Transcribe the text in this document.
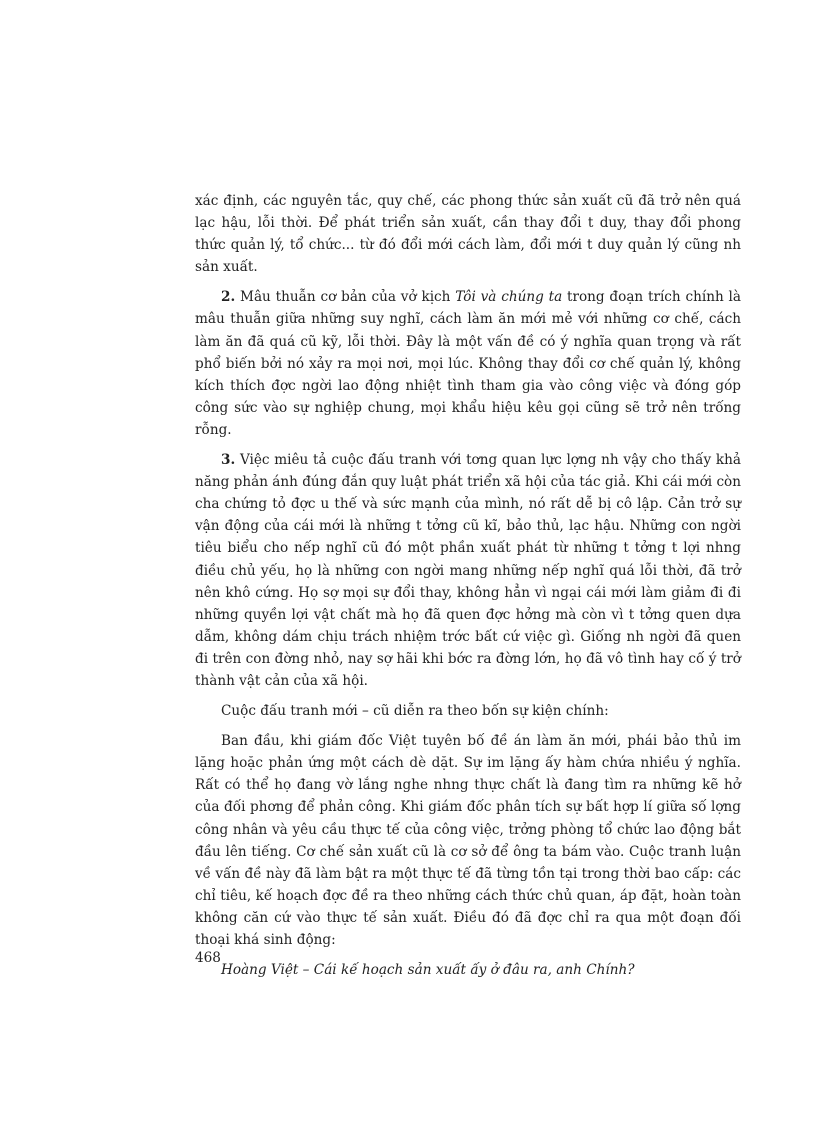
xác định, các nguyên tắc, quy chế, các phong thức sản xuất cũ đã trở nên quá lạc hậu, lỗi thời. Để phát triển sản xuất, cần thay đổi t duy, thay đổi phong thức quản lý, tổ chức... từ đó đổi mới cách làm, đổi mới t duy quản lý cũng nh sản xuất.

2. Mâu thuẫn cơ bản của vở kịch Tôi và chúng ta trong đoạn trích chính là mâu thuẫn giữa những suy nghĩ, cách làm ăn mới mẻ với những cơ chế, cách làm ăn đã quá cũ kỹ, lỗi thời. Đây là một vấn đề có ý nghĩa quan trọng và rất phổ biến bởi nó xảy ra mọi nơi, mọi lúc. Không thay đổi cơ chế quản lý, không kích thích đợc ngời lao động nhiệt tình tham gia vào công việc và đóng góp công sức vào sự nghiệp chung, mọi khẩu hiệu kêu gọi cũng sẽ trở nên trống rỗng.

3. Việc miêu tả cuộc đấu tranh với tơng quan lực lợng nh vậy cho thấy khả năng phản ánh đúng đắn quy luật phát triển xã hội của tác giả. Khi cái mới còn cha chứng tỏ đợc u thế và sức mạnh của mình, nó rất dễ bị cô lập. Cản trở sự vận động của cái mới là những t tởng cũ kĩ, bảo thủ, lạc hậu. Những con ngời tiêu biểu cho nếp nghĩ cũ đó một phần xuất phát từ những t tởng t lợi nhng điều chủ yếu, họ là những con ngời mang những nếp nghĩ quá lỗi thời, đã trở nên khô cứng. Họ sợ mọi sự đổi thay, không hẳn vì ngại cái mới làm giảm đi đi những quyền lợi vật chất mà họ đã quen đợc hởng mà còn vì t tởng quen dựa dẫm, không dám chịu trách nhiệm trớc bất cứ việc gì. Giống nh ngời đã quen đi trên con đờng nhỏ, nay sợ hãi khi bớc ra đờng lớn, họ đã vô tình hay cố ý trở thành vật cản của xã hội.

Cuộc đấu tranh mới – cũ diễn ra theo bốn sự kiện chính:

Ban đầu, khi giám đốc Việt tuyên bố đề án làm ăn mới, phái bảo thủ im lặng hoặc phản ứng một cách dè dặt. Sự im lặng ấy hàm chứa nhiều ý nghĩa. Rất có thể họ đang vờ lắng nghe nhng thực chất là đang tìm ra những kẽ hở của đối phơng để phản công. Khi giám đốc phân tích sự bất hợp lí giữa số lợng công nhân và yêu cầu thực tế của công việc, trởng phòng tổ chức lao động bắt đầu lên tiếng. Cơ chế sản xuất cũ là cơ sở để ông ta bám vào. Cuộc tranh luận về vấn đề này đã làm bật ra một thực tế đã từng tồn tại trong thời bao cấp: các chỉ tiêu, kế hoạch đợc đề ra theo những cách thức chủ quan, áp đặt, hoàn toàn không căn cứ vào thực tế sản xuất. Điều đó đã đợc chỉ ra qua một đoạn đối thoại khá sinh động:

Hoàng Việt – Cái kế hoạch sản xuất ấy ở đâu ra, anh Chính?

468
